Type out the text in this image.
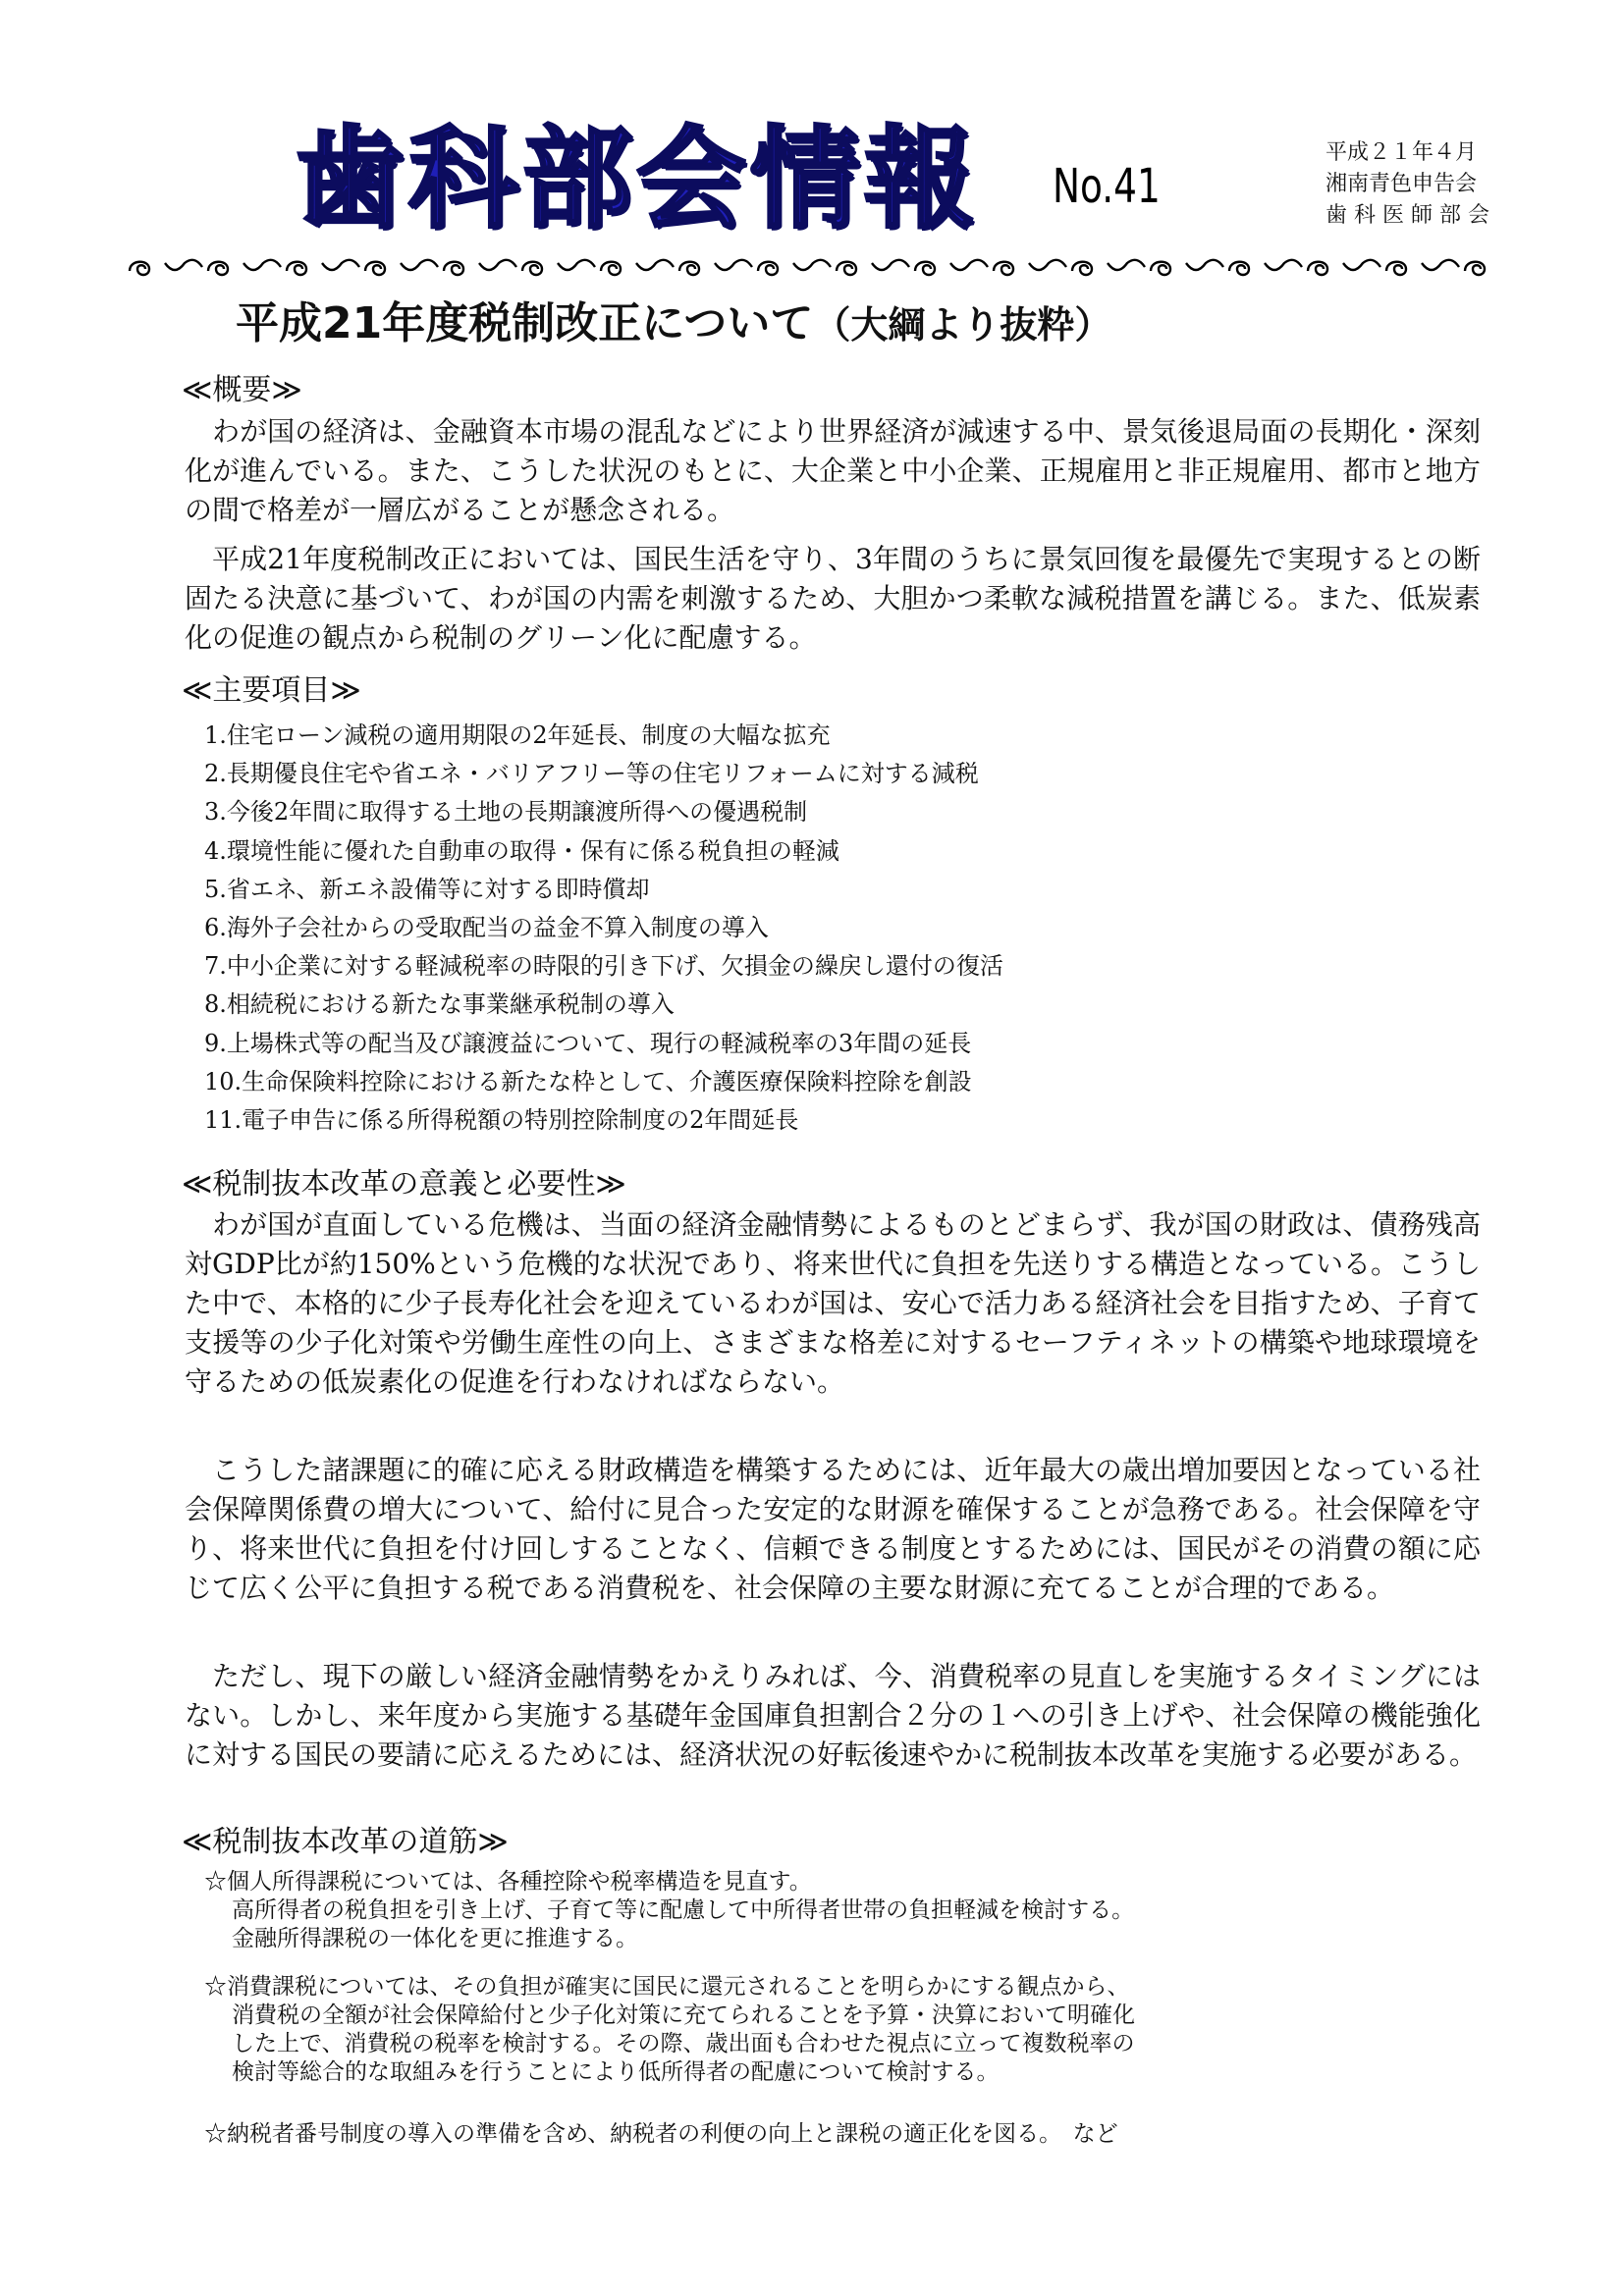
歯科部会情報	No.41
平成２１年４月
湘南青色申告会
歯 科 医 師 部 会
平成21年度税制改正について（大綱より抜粋）
≪概要≫

わが国の経済は、金融資本市場の混乱などにより世界経済が減速する中、景気後退局面の長期化・深刻化が進んでいる。また、こうした状況のもとに、大企業と中小企業、正規雇用と非正規雇用、都市と地方の間で格差が一層広がることが懸念される。

平成21年度税制改正においては、国民生活を守り、3年間のうちに景気回復を最優先で実現するとの断固たる決意に基づいて、わが国の内需を刺激するため、大胆かつ柔軟な減税措置を講じる。また、低炭素化の促進の観点から税制のグリーン化に配慮する。

≪主要項目≫
1.住宅ローン減税の適用期限の2年延長、制度の大幅な拡充
2.長期優良住宅や省エネ・バリアフリー等の住宅リフォームに対する減税
3.今後2年間に取得する土地の長期譲渡所得への優遇税制
4.環境性能に優れた自動車の取得・保有に係る税負担の軽減
5.省エネ、新エネ設備等に対する即時償却
6.海外子会社からの受取配当の益金不算入制度の導入
7.中小企業に対する軽減税率の時限的引き下げ、欠損金の繰戻し還付の復活
8.相続税における新たな事業継承税制の導入
9.上場株式等の配当及び譲渡益について、現行の軽減税率の3年間の延長
10.生命保険料控除における新たな枠として、介護医療保険料控除を創設
11.電子申告に係る所得税額の特別控除制度の2年間延長
≪税制抜本改革の意義と必要性≫

わが国が直面している危機は、当面の経済金融情勢によるものとどまらず、我が国の財政は、債務残高対GDP比が約150%という危機的な状況であり、将来世代に負担を先送りする構造となっている。こうした中で、本格的に少子長寿化社会を迎えているわが国は、安心で活力ある経済社会を目指すため、子育て支援等の少子化対策や労働生産性の向上、さまざまな格差に対するセーフティネットの構築や地球環境を守るための低炭素化の促進を行わなければならない。

こうした諸課題に的確に応える財政構造を構築するためには、近年最大の歳出増加要因となっている社会保障関係費の増大について、給付に見合った安定的な財源を確保することが急務である。社会保障を守り、将来世代に負担を付け回しすることなく、信頼できる制度とするためには、国民がその消費の額に応じて広く公平に負担する税である消費税を、社会保障の主要な財源に充てることが合理的である。

ただし、現下の厳しい経済金融情勢をかえりみれば、今、消費税率の見直しを実施するタイミングにはない。しかし、来年度から実施する基礎年金国庫負担割合２分の１への引き上げや、社会保障の機能強化に対する国民の要請に応えるためには、経済状況の好転後速やかに税制抜本改革を実施する必要がある。

≪税制抜本改革の道筋≫
☆個人所得課税については、各種控除や税率構造を見直す。
高所得者の税負担を引き上げ、子育て等に配慮して中所得者世帯の負担軽減を検討する。
金融所得課税の一体化を更に推進する。
☆消費課税については、その負担が確実に国民に還元されることを明らかにする観点から、
消費税の全額が社会保障給付と少子化対策に充てられることを予算・決算において明確化
した上で、消費税の税率を検討する。その際、歳出面も合わせた視点に立って複数税率の
検討等総合的な取組みを行うことにより低所得者の配慮について検討する。
☆納税者番号制度の導入の準備を含め、納税者の利便の向上と課税の適正化を図る。　など
